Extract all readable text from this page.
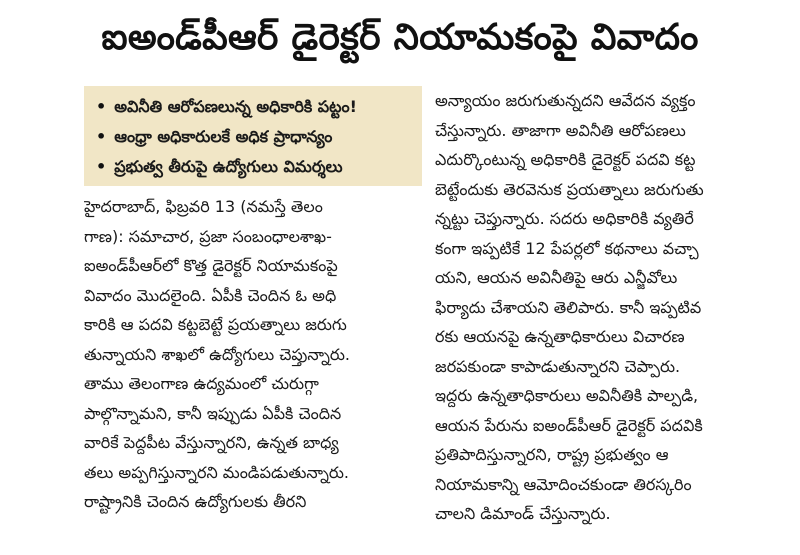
ఐఅండ్‌పీఆర్ డైరెక్టర్ నియామకంపై వివాదం
• అవినీతి ఆరోపణలున్న అధికారికి పట్టం!
• ఆంధ్రా అధికారులకే అధిక ప్రాధాన్యం
• ప్రభుత్వ తీరుపై ఉద్యోగులు విమర్శలు
హైదరాబాద్, ఫిబ్రవరి 13 (నమస్తే తెలం
గాణ): సమాచార, ప్రజా సంబంధాలశాఖ-
ఐఅండ్‌పీఆర్‌లో కొత్త డైరెక్టర్ నియామకంపై
వివాదం మొదలైంది. ఏపీకి చెందిన ఓ అధి
కారికి ఆ పదవి కట్టబెట్టే ప్రయత్నాలు జరుగు
తున్నాయని శాఖలో ఉద్యోగులు చెప్తున్నారు.
తాము తెలంగాణ ఉద్యమంలో చురుగ్గా
పాల్గొన్నామని, కానీ ఇప్పుడు ఏపీకి చెందిన
వారికే పెద్దపీట వేస్తున్నారని, ఉన్నత బాధ్య
తలు అప్పగిస్తున్నారని మండిపడుతున్నారు.
రాష్ట్రానికి చెందిన ఉద్యోగులకు తీరని
అన్యాయం జరుగుతున్నదని ఆవేదన వ్యక్తం
చేస్తున్నారు. తాజాగా అవినీతి ఆరోపణలు
ఎదుర్కొంటున్న అధికారికి డైరెక్టర్ పదవి కట్ట
బెట్టేందుకు తెరవెనుక ప్రయత్నాలు జరుగుతు
న్నట్టు చెప్తున్నారు. సదరు అధికారికి వ్యతిరే
కంగా ఇప్పటికే 12 పేపర్లలో కథనాలు వచ్చా
యని, ఆయన అవినీతిపై ఆరు ఎన్జీవోలు
ఫిర్యాదు చేశాయని తెలిపారు. కానీ ఇప్పటివ
రకు ఆయనపై ఉన్నతాధికారులు విచారణ
జరపకుండా కాపాడుతున్నారని చెప్పారు.
ఇద్దరు ఉన్నతాధికారులు అవినీతికి పాల్పడి,
ఆయన పేరును ఐఅండ్‌పీఆర్ డైరెక్టర్ పదవికి
ప్రతిపాదిస్తున్నారని, రాష్ట్ర ప్రభుత్వం ఆ
నియామకాన్ని ఆమోదించకుండా తిరస్కరిం
చాలని డిమాండ్ చేస్తున్నారు.
